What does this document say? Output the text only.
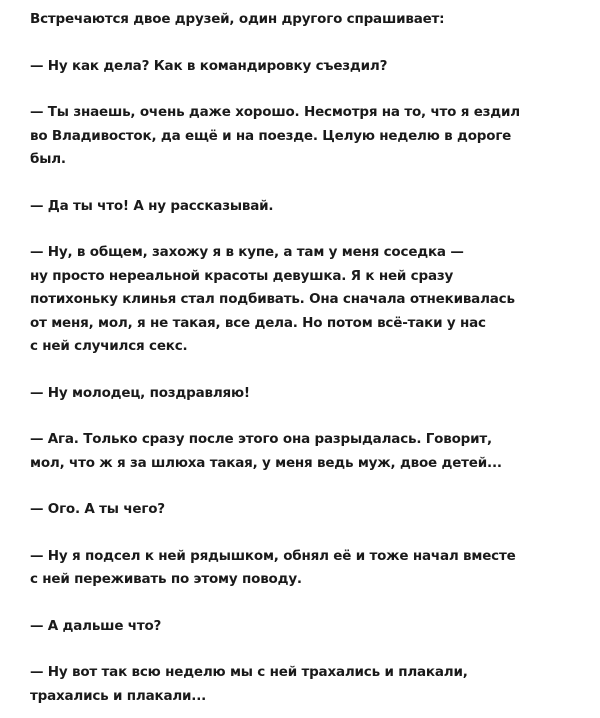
Встречаются двое друзей, один другого спрашивает:

— Ну как дела? Как в командировку съездил?

— Ты знаешь, очень даже хорошо. Несмотря на то, что я ездил
во Владивосток, да ещё и на поезде. Целую неделю в дороге
был.

— Да ты что! А ну рассказывай.

— Ну, в общем, захожу я в купе, а там у меня соседка —
ну просто нереальной красоты девушка. Я к ней сразу
потихоньку клинья стал подбивать. Она сначала отнекивалась
от меня, мол, я не такая, все дела. Но потом всё-таки у нас
с ней случился секс.

— Ну молодец, поздравляю!

— Ага. Только сразу после этого она разрыдалась. Говорит,
мол, что ж я за шлюха такая, у меня ведь муж, двое детей...

— Ого. А ты чего?

— Ну я подсел к ней рядышком, обнял её и тоже начал вместе
с ней переживать по этому поводу.

— А дальше что?

— Ну вот так всю неделю мы с ней трахались и плакали,
трахались и плакали...
